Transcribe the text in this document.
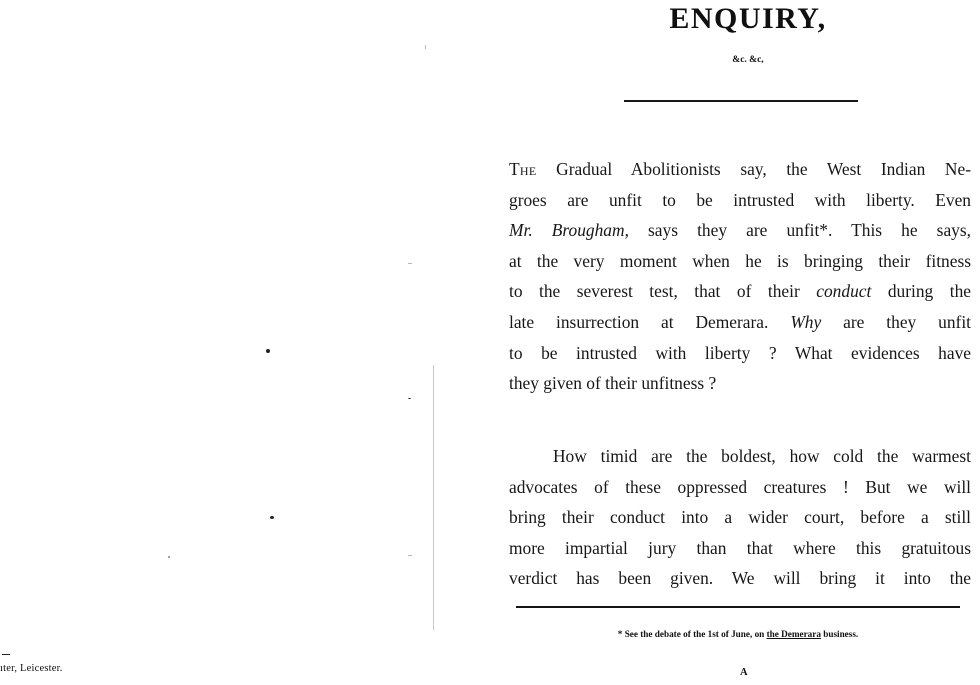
ıter, Leicester.
ENQUIRY,
&c. &c,
The Gradual Abolitionists say, the West Indian Ne-
groes are unfit to be intrusted with liberty. Even
Mr. Brougham, says they are unfit*. This he says,
at the very moment when he is bringing their fitness
to the severest test, that of their conduct during the
late insurrection at Demerara. Why are they unfit
to be intrusted with liberty ? What evidences have
they given of their unfitness ?
How timid are the boldest, how cold the warmest
advocates of these oppressed creatures ! But we will
bring their conduct into a wider court, before a still
more impartial jury than that where this gratuitous
verdict has been given. We will bring it into the
* See the debate of the 1st of June, on the Demerara business.
A
